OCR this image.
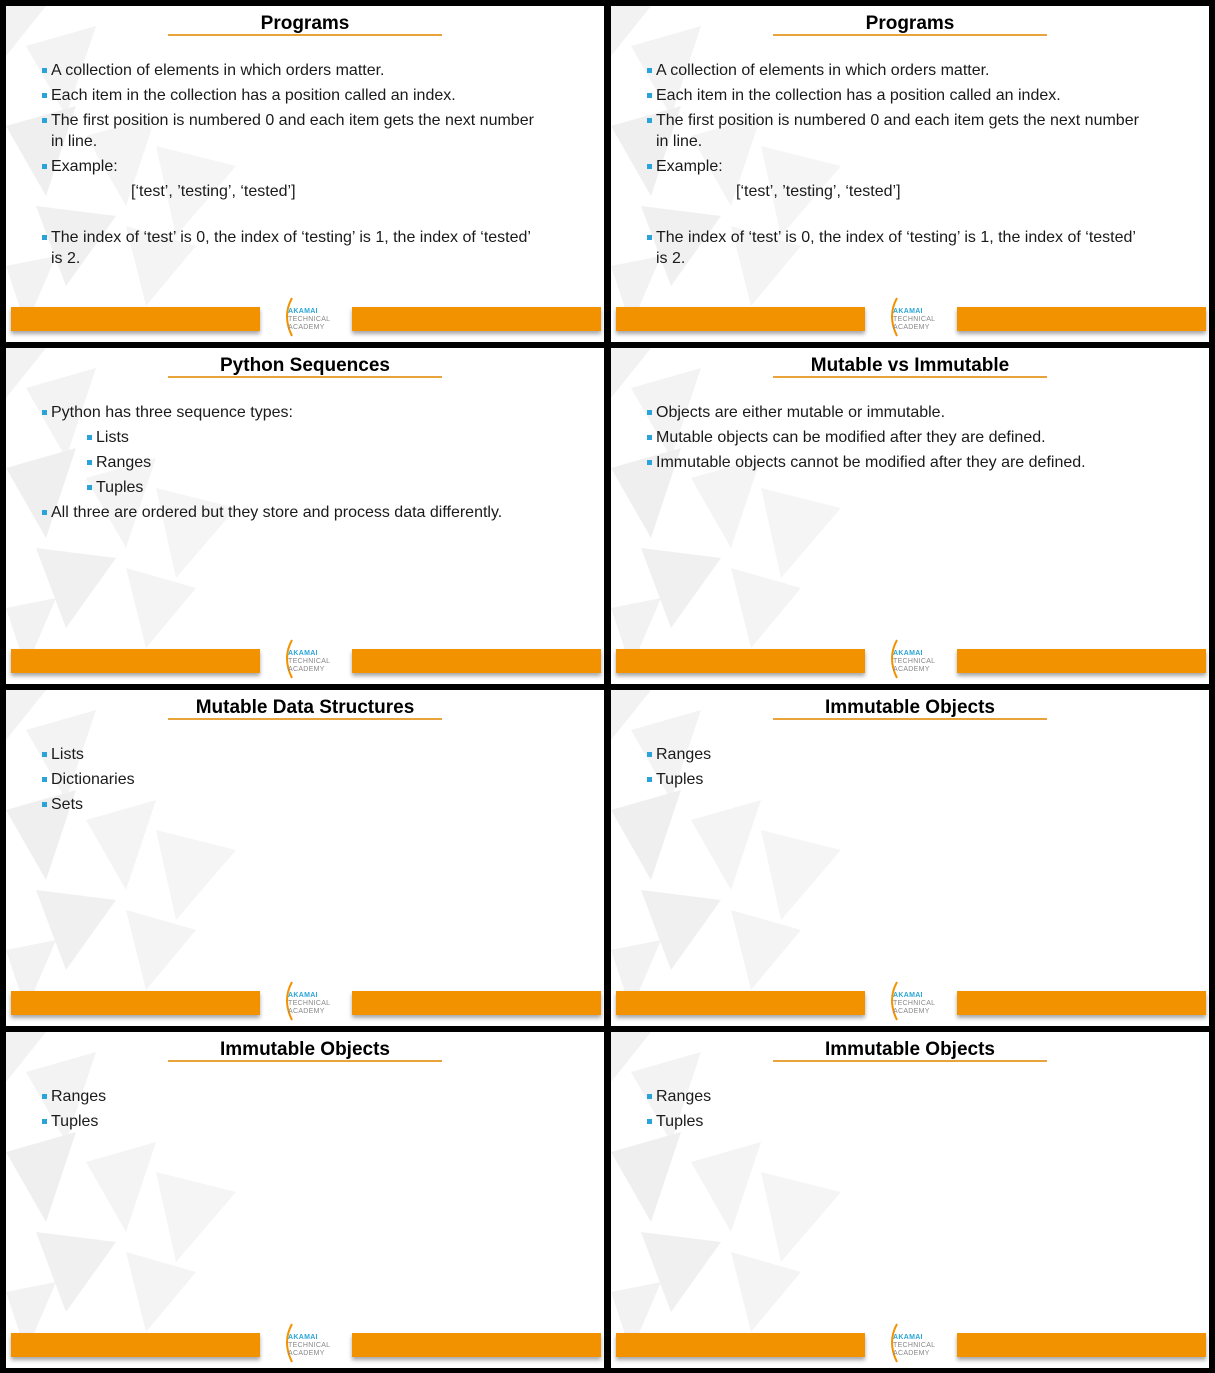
Programs
A collection of elements in which orders matter.
Each item in the collection has a position called an index.
The first position is numbered 0 and each item gets the next number in line.
Example:
[‘test’, ’testing’, ‘tested’]
The index of ‘test’ is 0, the index of ‘testing’ is 1, the index of ‘tested’ is 2.
AKAMAI
TECHNICAL
ACADEMY
Programs
A collection of elements in which orders matter.
Each item in the collection has a position called an index.
The first position is numbered 0 and each item gets the next number in line.
Example:
[‘test’, ’testing’, ‘tested’]
The index of ‘test’ is 0, the index of ‘testing’ is 1, the index of ‘tested’ is 2.
AKAMAI
TECHNICAL
ACADEMY
Python Sequences
Python has three sequence types:
Lists
Ranges
Tuples
All three are ordered but they store and process data differently.
AKAMAI
TECHNICAL
ACADEMY
Mutable vs Immutable
Objects are either mutable or immutable.
Mutable objects can be modified after they are defined.
Immutable objects cannot be modified after they are defined.
AKAMAI
TECHNICAL
ACADEMY
Mutable Data Structures
Lists
Dictionaries
Sets
AKAMAI
TECHNICAL
ACADEMY
Immutable Objects
Ranges
Tuples
AKAMAI
TECHNICAL
ACADEMY
Immutable Objects
Ranges
Tuples
AKAMAI
TECHNICAL
ACADEMY
Immutable Objects
Ranges
Tuples
AKAMAI
TECHNICAL
ACADEMY
